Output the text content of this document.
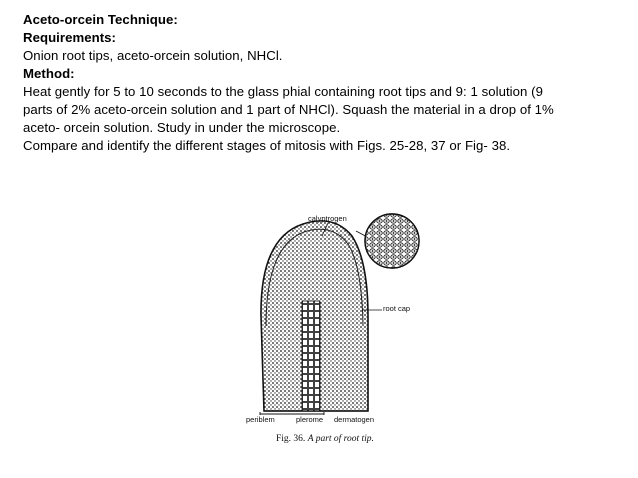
Aceto-orcein Technique:

Requirements:

Onion root tips, aceto-orcein solution, NHCl.

Method:

Heat gently for 5 to 10 seconds to the glass phial containing root tips and 9: 1 solution (9

parts of 2% aceto-orcein solution and 1 part of NHCl). Squash the material in a drop of 1%

aceto- orcein solution. Study in under the microscope.

Compare and identify the different stages of mitosis with Figs. 25-28, 37 or Fig- 38.

calyptrogen
root cap
periblem	plerome dermatogen
Fig. 36. A part of root tip.
